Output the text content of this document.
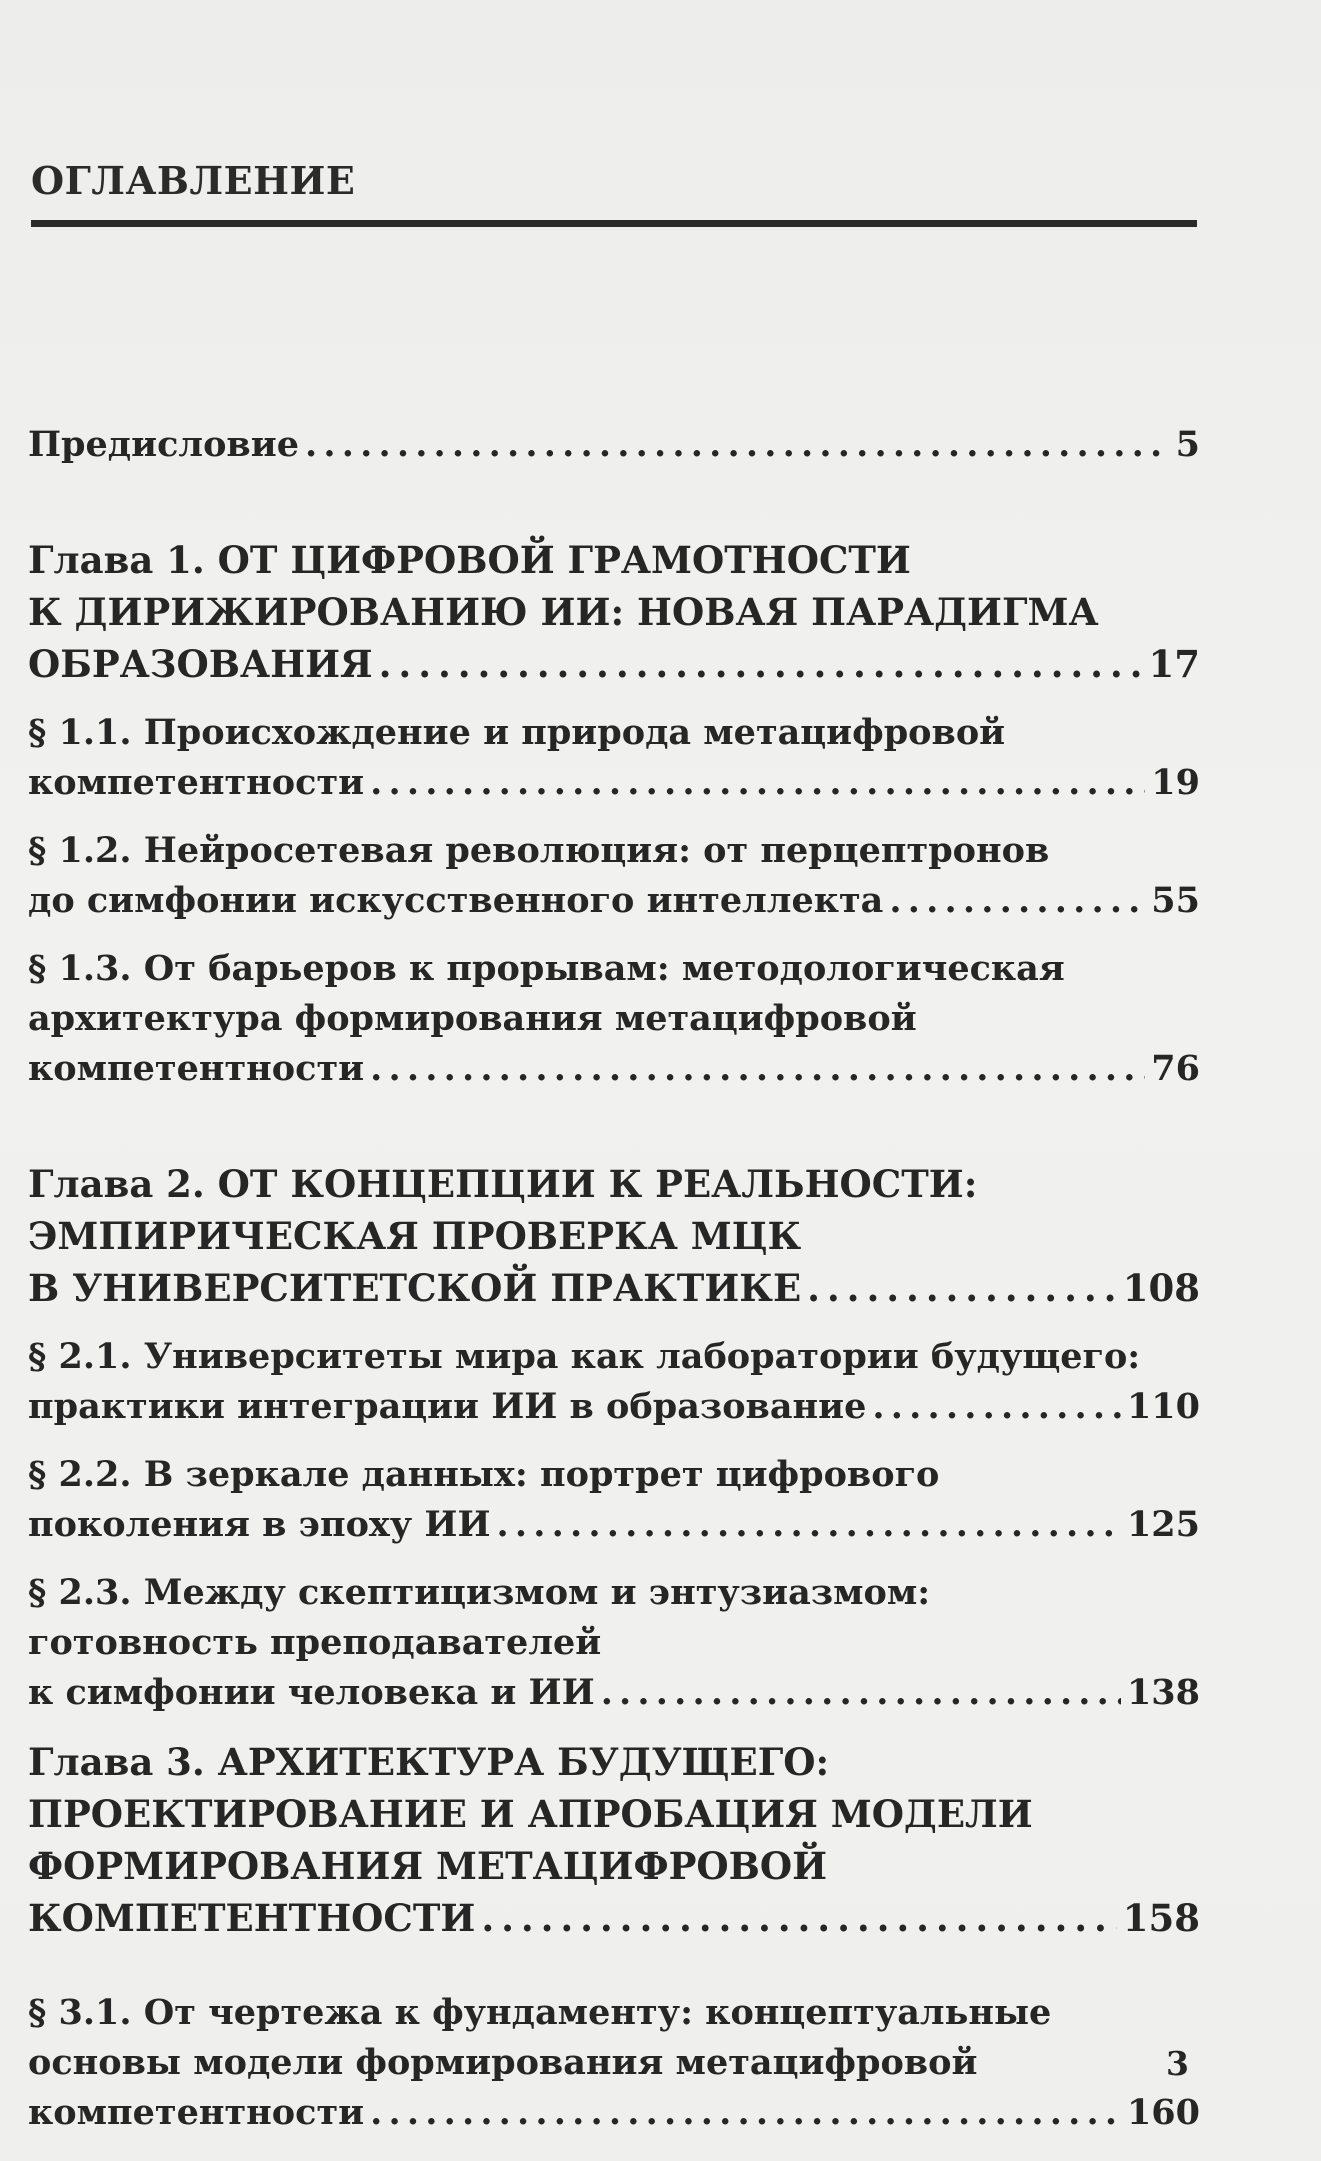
ОГЛАВЛЕНИЕ
Предисловие . . .	5
Глава 1. ОТ ЦИФРОВОЙ ГРАМОТНОСТИ
К ДИРИЖИРОВАНИЮ ИИ: НОВАЯ ПАРАДИГМА
ОБРАЗОВАНИЯ . . .	17
§ 1.1. Происхождение и природа метацифровой
компетентности . . .	19
§ 1.2. Нейросетевая революция: от перцептронов
до симфонии искусственного интеллекта . . .	55
§ 1.3. От барьеров к прорывам: методологическая
архитектура формирования метацифровой
компетентности . . .	76
Глава 2. ОТ КОНЦЕПЦИИ К РЕАЛЬНОСТИ:
ЭМПИРИЧЕСКАЯ ПРОВЕРКА МЦК
В УНИВЕРСИТЕТСКОЙ ПРАКТИКЕ . . .	108
§ 2.1. Университеты мира как лаборатории будущего:
практики интеграции ИИ в образование . . .	110
§ 2.2. В зеркале данных: портрет цифрового
поколения в эпоху ИИ . . .	125
§ 2.3. Между скептицизмом и энтузиазмом:
готовность преподавателей
к симфонии человека и ИИ . . .	138
Глава 3. АРХИТЕКТУРА БУДУЩЕГО:
ПРОЕКТИРОВАНИЕ И АПРОБАЦИЯ МОДЕЛИ
ФОРМИРОВАНИЯ МЕТАЦИФРОВОЙ
КОМПЕТЕНТНОСТИ . . .	158
§ 3.1. От чертежа к фундаменту: концептуальные
основы модели формирования метацифровой
компетентности . . .	160
3
